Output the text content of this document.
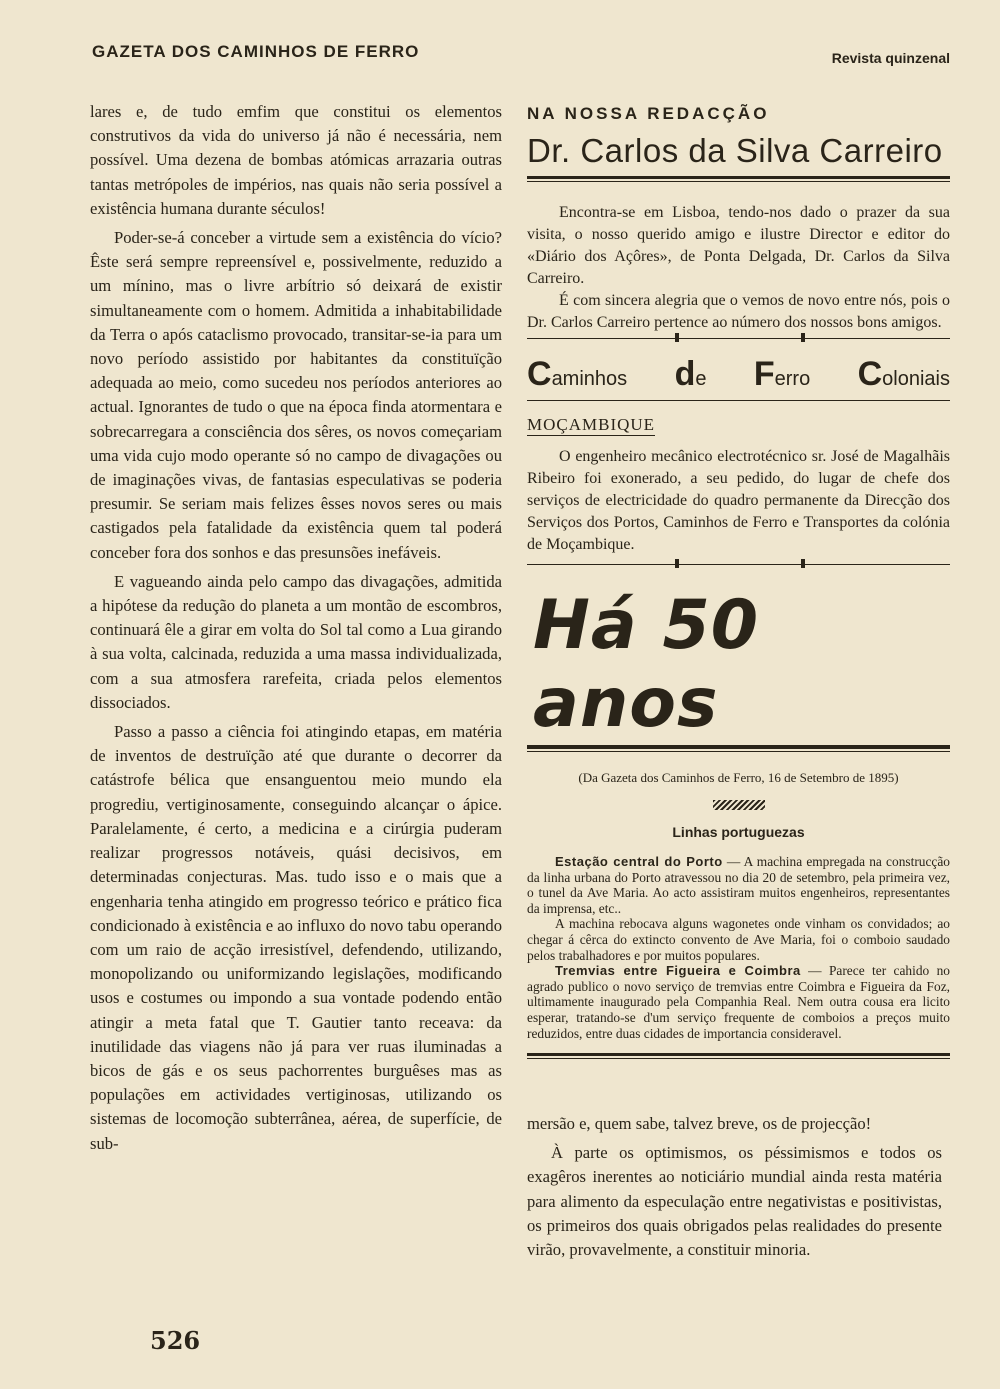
GAZETA DOS CAMINHOS DE FERRO	Revista quinzenal

lares e, de tudo emfim que constitui os elementos construtivos da vida do universo já não é necessária, nem possível. Uma dezena de bombas atómicas arrazaria outras tantas metrópoles de impérios, nas quais não seria possível a existência humana durante séculos!

Poder-se-á conceber a virtude sem a existência do vício? Êste será sempre repreensível e, possivelmente, reduzido a um mínino, mas o livre arbítrio só deixará de existir simultaneamente com o homem. Admitida a inhabitabilidade da Terra o após cataclismo provocado, transitar-se-ia para um novo período assistido por habitantes da constituïção adequada ao meio, como sucedeu nos períodos anteriores ao actual. Ignorantes de tudo o que na época finda atormentara e sobrecarregara a consciência dos sêres, os novos começariam uma vida cujo modo operante só no campo de divagações ou de imaginações vivas, de fantasias especulativas se poderia presumir. Se seriam mais felizes êsses novos seres ou mais castigados pela fatalidade da existência quem tal poderá conceber fora dos sonhos e das presunsões inefáveis.

E vagueando ainda pelo campo das divagações, admitida a hipótese da redução do planeta a um montão de escombros, continuará êle a girar em volta do Sol tal como a Lua girando à sua volta, calcinada, reduzida a uma massa individualizada, com a sua atmosfera rarefeita, criada pelos elementos dissociados.

Passo a passo a ciência foi atingindo etapas, em matéria de inventos de destruïção até que durante o decorrer da catástrofe bélica que ensanguentou meio mundo ela progrediu, vertiginosamente, conseguindo alcançar o ápice. Paralelamente, é certo, a medicina e a cirúrgia puderam realizar progressos notáveis, quási decisivos, em determinadas conjecturas. Mas. tudo isso e o mais que a engenharia tenha atingido em progresso teórico e prático fica condicionado à existência e ao influxo do novo tabu operando com um raio de acção irresistível, defendendo, utilizando, monopolizando ou uniformizando legislações, modificando usos e costumes ou impondo a sua vontade podendo então atingir a meta fatal que T. Gautier tanto receava: da inutilidade das viagens não já para ver ruas iluminadas a bicos de gás e os seus pachorrentes burguêses mas as populações em actividades vertiginosas, utilizando os sistemas de locomoção subterrânea, aérea, de superfície, de sub-

NA NOSSA REDACÇÃO
Dr. Carlos da Silva Carreiro

Encontra-se em Lisboa, tendo-nos dado o prazer da sua visita, o nosso querido amigo e ilustre Director e editor do «Diário dos Açôres», de Ponta Delgada, Dr. Carlos da Silva Carreiro.

É com sincera alegria que o vemos de novo entre nós, pois o Dr. Carlos Carreiro pertence ao número dos nossos bons amigos.

Caminhos de Ferro Coloniais
MOÇAMBIQUE

O engenheiro mecânico electrotécnico sr. José de Magalhãis Ribeiro foi exonerado, a seu pedido, do lugar de chefe dos serviços de electricidade do quadro permanente da Direcção dos Serviços dos Portos, Caminhos de Ferro e Transportes da colónia de Moçambique.

Há 50 anos
(Da Gazeta dos Caminhos de Ferro, 16 de Setembro de 1895)
Linhas portuguezas

Estação central do Porto — A machina empregada na construcção da linha urbana do Porto atravessou no dia 20 de setembro, pela primeira vez, o tunel da Ave Maria. Ao acto assistiram muitos engenheiros, representantes da imprensa, etc..

A machina rebocava alguns wagonetes onde vinham os convidados; ao chegar á cêrca do extincto convento de Ave Maria, foi o comboio saudado pelos trabalhadores e por muitos populares.

Tremvias entre Figueira e Coimbra — Parece ter cahido no agrado publico o novo serviço de tremvias entre Coimbra e Figueira da Foz, ultimamente inaugurado pela Companhia Real. Nem outra cousa era licito esperar, tratando-se d'um serviço frequente de comboios a preços muito reduzidos, entre duas cidades de importancia consideravel.

mersão e, quem sabe, talvez breve, os de projecção!

À parte os optimismos, os péssimismos e todos os exagêros inerentes ao noticiário mundial ainda resta matéria para alimento da especulação entre negativistas e positivistas, os primeiros dos quais obrigados pelas realidades do presente virão, provavelmente, a constituir minoria.

526
